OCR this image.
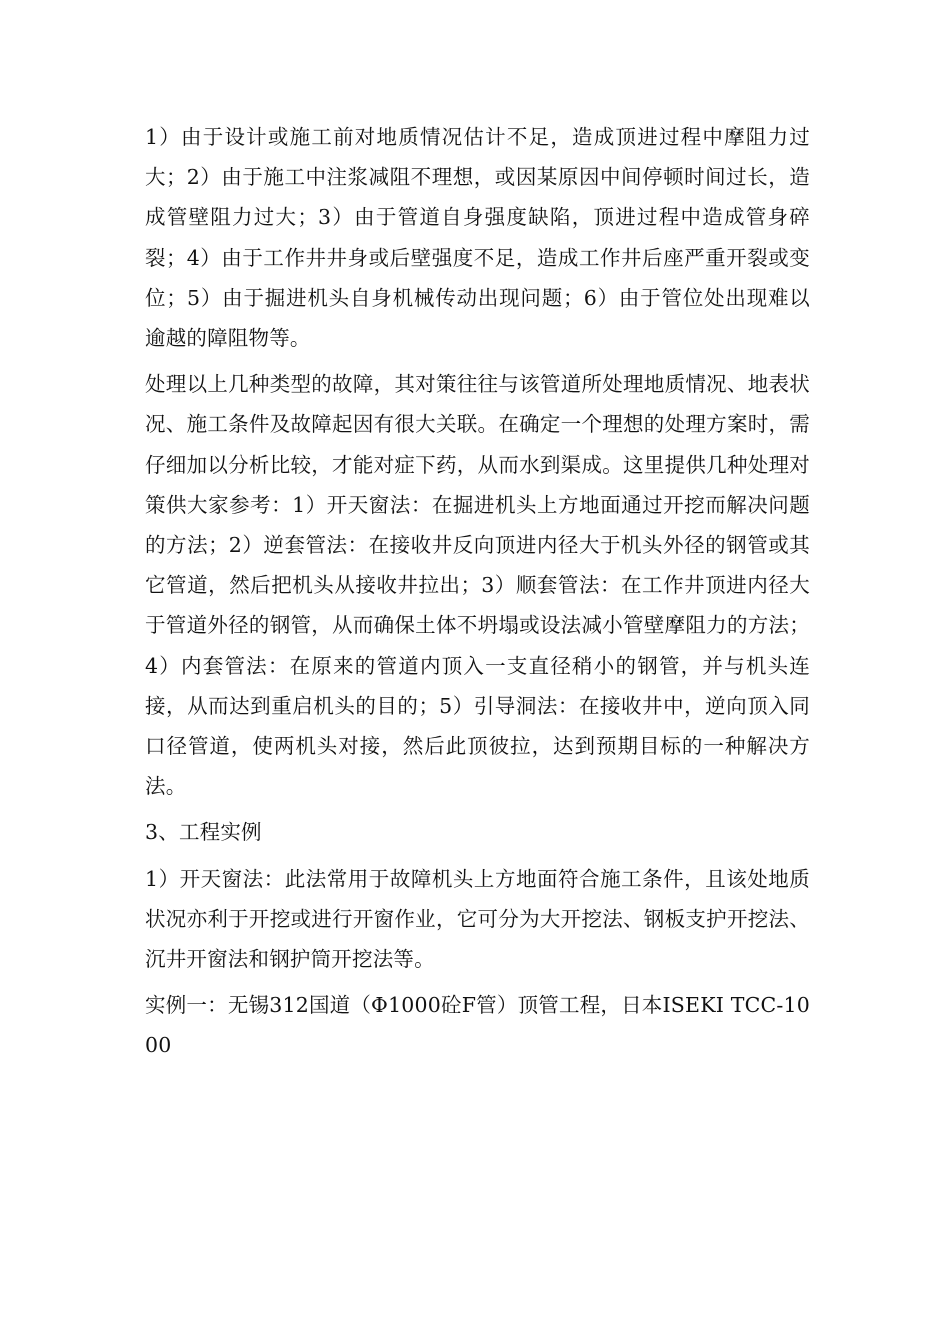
1）由于设计或施工前对地质情况估计不足，造成顶进过程中摩阻力过大；2）由于施工中注浆减阻不理想，或因某原因中间停顿时间过长，造成管壁阻力过大；3）由于管道自身强度缺陷，顶进过程中造成管身碎裂；4）由于工作井井身或后壁强度不足，造成工作井后座严重开裂或变位；5）由于掘进机头自身机械传动出现问题；6）由于管位处出现难以逾越的障阻物等。

处理以上几种类型的故障，其对策往往与该管道所处理地质情况、地表状况、施工条件及故障起因有很大关联。在确定一个理想的处理方案时，需仔细加以分析比较，才能对症下药，从而水到渠成。这里提供几种处理对策供大家参考：1）开天窗法：在掘进机头上方地面通过开挖而解决问题的方法；2）逆套管法：在接收井反向顶进内径大于机头外径的钢管或其它管道，然后把机头从接收井拉出；3）顺套管法：在工作井顶进内径大于管道外径的钢管，从而确保土体不坍塌或设法减小管壁摩阻力的方法；4）内套管法：在原来的管道内顶入一支直径稍小的钢管，并与机头连接，从而达到重启机头的目的；5）引导洞法：在接收井中，逆向顶入同口径管道，使两机头对接，然后此顶彼拉，达到预期目标的一种解决方法。

3、工程实例

1）开天窗法：此法常用于故障机头上方地面符合施工条件，且该处地质状况亦利于开挖或进行开窗作业，它可分为大开挖法、钢板支护开挖法、沉井开窗法和钢护筒开挖法等。

实例一：无锡312国道（Φ1000砼F管）顶管工程，日本ISEKI TCC-1000
